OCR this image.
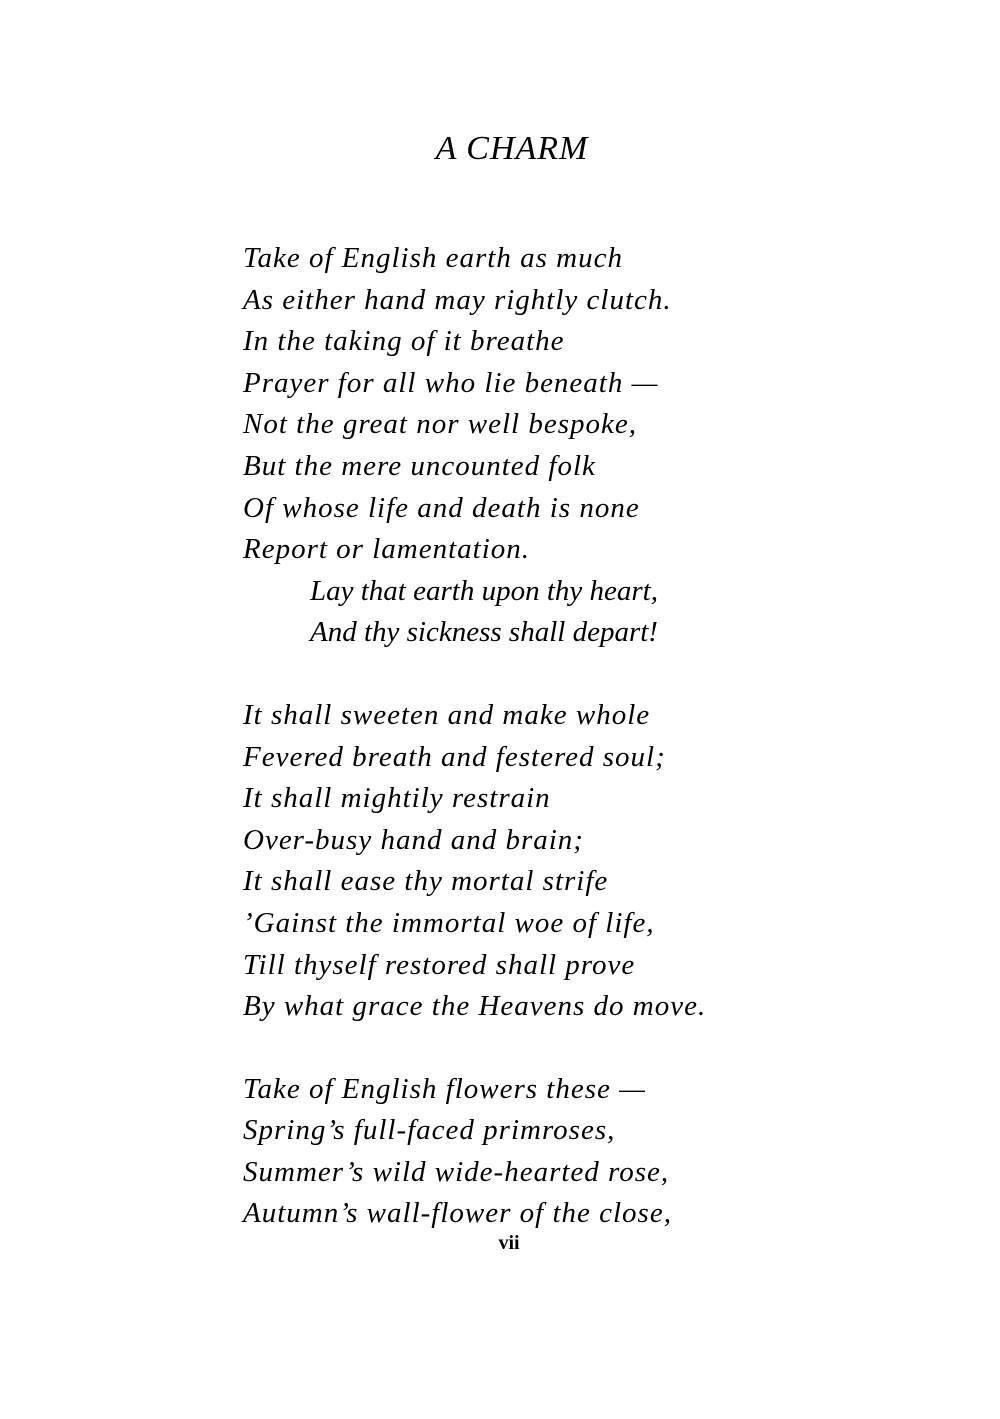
A CHARM
Take of English earth as much
As either hand may rightly clutch.
In the taking of it breathe
Prayer for all who lie beneath —
Not the great nor well bespoke,
But the mere uncounted folk
Of whose life and death is none
Report or lamentation.
Lay that earth upon thy heart,
And thy sickness shall depart!
It shall sweeten and make whole
Fevered breath and festered soul;
It shall mightily restrain
Over-busy hand and brain;
It shall ease thy mortal strife
’Gainst the immortal woe of life,
Till thyself restored shall prove
By what grace the Heavens do move.
Take of English flowers these —
Spring’s full-faced primroses,
Summer’s wild wide-hearted rose,
Autumn’s wall-flower of the close,
vii
